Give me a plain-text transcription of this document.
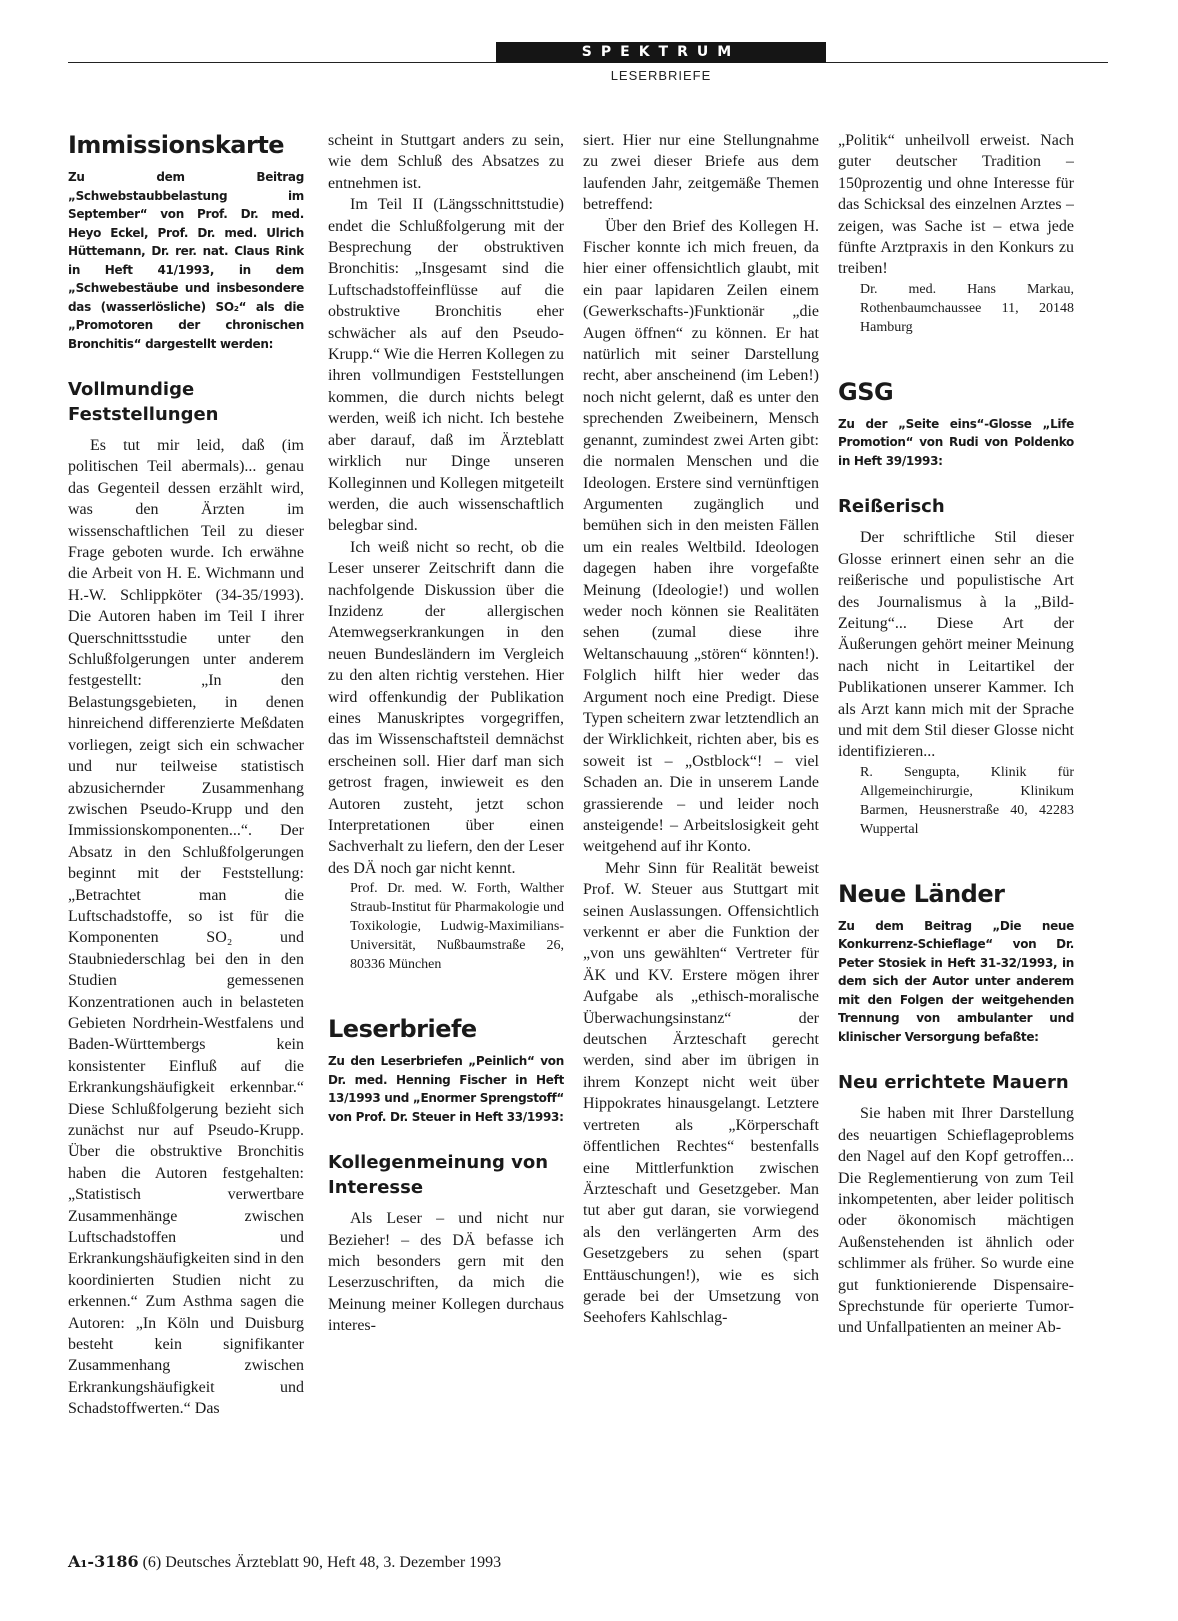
SPEKTRUM
LESERBRIEFE
Immissionskarte

Zu dem Beitrag „Schwebstaubbelastung im September“ von Prof. Dr. med. Heyo Eckel, Prof. Dr. med. Ulrich Hüttemann, Dr. rer. nat. Claus Rink in Heft 41/1993, in dem „Schwebestäube und insbesondere das (wasserlösliche) SO₂“ als die „Promotoren der chronischen Bronchitis“ dargestellt werden:

Vollmundige Feststellungen

Es tut mir leid, daß (im politischen Teil abermals)... genau das Gegenteil dessen erzählt wird, was den Ärzten im wissenschaftlichen Teil zu dieser Frage geboten wurde. Ich erwähne die Arbeit von H. E. Wichmann und H.-W. Schlippköter (34-35/1993). Die Autoren haben im Teil I ihrer Querschnittsstudie unter den Schlußfolgerungen unter anderem festgestellt: „In den Belastungsgebieten, in denen hinreichend differenzierte Meßdaten vorliegen, zeigt sich ein schwacher und nur teilweise statistisch abzusichernder Zusammenhang zwischen Pseudo-Krupp und den Immissionskomponenten...“. Der Absatz in den Schlußfolgerungen beginnt mit der Feststellung: „Betrachtet man die Luftschadstoffe, so ist für die Komponenten SO₂ und Staubniederschlag bei den in den Studien gemessenen Konzentrationen auch in belasteten Gebieten Nordrhein-Westfalens und Baden-Württembergs kein konsistenter Einfluß auf die Erkrankungshäufigkeit erkennbar.“ Diese Schlußfolgerung bezieht sich zunächst nur auf Pseudo-Krupp. Über die obstruktive Bronchitis haben die Autoren festgehalten: „Statistisch verwertbare Zusammenhänge zwischen Luftschadstoffen und Erkrankungshäufigkeiten sind in den koordinierten Studien nicht zu erkennen.“ Zum Asthma sagen die Autoren: „In Köln und Duisburg besteht kein signifikanter Zusammenhang zwischen Erkrankungshäufigkeit und Schadstoffwerten.“ Das

scheint in Stuttgart anders zu sein, wie dem Schluß des Absatzes zu entnehmen ist.

Im Teil II (Längsschnittstudie) endet die Schlußfolgerung mit der Besprechung der obstruktiven Bronchitis: „Insgesamt sind die Luftschadstoffeinflüsse auf die obstruktive Bronchitis eher schwächer als auf den Pseudo-Krupp.“ Wie die Herren Kollegen zu ihren vollmundigen Feststellungen kommen, die durch nichts belegt werden, weiß ich nicht. Ich bestehe aber darauf, daß im Ärzteblatt wirklich nur Dinge unseren Kolleginnen und Kollegen mitgeteilt werden, die auch wissenschaftlich belegbar sind.

Ich weiß nicht so recht, ob die Leser unserer Zeitschrift dann die nachfolgende Diskussion über die Inzidenz der allergischen Atemwegserkrankungen in den neuen Bundesländern im Vergleich zu den alten richtig verstehen. Hier wird offenkundig der Publikation eines Manuskriptes vorgegriffen, das im Wissenschaftsteil demnächst erscheinen soll. Hier darf man sich getrost fragen, inwieweit es den Autoren zusteht, jetzt schon Interpretationen über einen Sachverhalt zu liefern, den der Leser des DÄ noch gar nicht kennt.

Prof. Dr. med. W. Forth, Walther Straub-Institut für Pharmakologie und Toxikologie, Ludwig-Maximilians-Universität, Nußbaumstraße 26, 80336 München

Leserbriefe

Zu den Leserbriefen „Peinlich“ von Dr. med. Henning Fischer in Heft 13/1993 und „Enormer Sprengstoff“ von Prof. Dr. Steuer in Heft 33/1993:

Kollegenmeinung von Interesse

Als Leser – und nicht nur Bezieher! – des DÄ befasse ich mich besonders gern mit den Leserzuschriften, da mich die Meinung meiner Kollegen durchaus interes-

siert. Hier nur eine Stellungnahme zu zwei dieser Briefe aus dem laufenden Jahr, zeitgemäße Themen betreffend:

Über den Brief des Kollegen H. Fischer konnte ich mich freuen, da hier einer offensichtlich glaubt, mit ein paar lapidaren Zeilen einem (Gewerkschafts-)Funktionär „die Augen öffnen“ zu können. Er hat natürlich mit seiner Darstellung recht, aber anscheinend (im Leben!) noch nicht gelernt, daß es unter den sprechenden Zweibeinern, Mensch genannt, zumindest zwei Arten gibt: die normalen Menschen und die Ideologen. Erstere sind vernünftigen Argumenten zugänglich und bemühen sich in den meisten Fällen um ein reales Weltbild. Ideologen dagegen haben ihre vorgefaßte Meinung (Ideologie!) und wollen weder noch können sie Realitäten sehen (zumal diese ihre Weltanschauung „stören“ könnten!). Folglich hilft hier weder das Argument noch eine Predigt. Diese Typen scheitern zwar letztendlich an der Wirklichkeit, richten aber, bis es soweit ist – „Ostblock“! – viel Schaden an. Die in unserem Lande grassierende – und leider noch ansteigende! – Arbeitslosigkeit geht weitgehend auf ihr Konto.

Mehr Sinn für Realität beweist Prof. W. Steuer aus Stuttgart mit seinen Auslassungen. Offensichtlich verkennt er aber die Funktion der „von uns gewählten“ Vertreter für ÄK und KV. Erstere mögen ihrer Aufgabe als „ethisch-moralische Überwachungsinstanz“ der deutschen Ärzteschaft gerecht werden, sind aber im übrigen in ihrem Konzept nicht weit über Hippokrates hinausgelangt. Letztere vertreten als „Körperschaft öffentlichen Rechtes“ bestenfalls eine Mittlerfunktion zwischen Ärzteschaft und Gesetzgeber. Man tut aber gut daran, sie vorwiegend als den verlängerten Arm des Gesetzgebers zu sehen (spart Enttäuschungen!), wie es sich gerade bei der Umsetzung von Seehofers Kahlschlag-

„Politik“ unheilvoll erweist. Nach guter deutscher Tradition – 150prozentig und ohne Interesse für das Schicksal des einzelnen Arztes – zeigen, was Sache ist – etwa jede fünfte Arztpraxis in den Konkurs zu treiben!

Dr. med. Hans Markau, Rothenbaumchaussee 11, 20148 Hamburg

GSG

Zu der „Seite eins“-Glosse „Life Promotion“ von Rudi von Poldenko in Heft 39/1993:

Reißerisch

Der schriftliche Stil dieser Glosse erinnert einen sehr an die reißerische und populistische Art des Journalismus à la „Bild-Zeitung“... Diese Art der Äußerungen gehört meiner Meinung nach nicht in Leitartikel der Publikationen unserer Kammer. Ich als Arzt kann mich mit der Sprache und mit dem Stil dieser Glosse nicht identifizieren...

R. Sengupta, Klinik für Allgemeinchirurgie, Klinikum Barmen, Heusnerstraße 40, 42283 Wuppertal

Neue Länder

Zu dem Beitrag „Die neue Konkurrenz-Schieflage“ von Dr. Peter Stosiek in Heft 31-32/1993, in dem sich der Autor unter anderem mit den Folgen der weitgehenden Trennung von ambulanter und klinischer Versorgung befaßte:

Neu errichtete Mauern

Sie haben mit Ihrer Darstellung des neuartigen Schieflageproblems den Nagel auf den Kopf getroffen... Die Reglementierung von zum Teil inkompetenten, aber leider politisch oder ökonomisch mächtigen Außenstehenden ist ähnlich oder schlimmer als früher. So wurde eine gut funktionierende Dispensaire-Sprechstunde für operierte Tumor- und Unfallpatienten an meiner Ab-

A₁-3186 (6) Deutsches Ärzteblatt 90, Heft 48, 3. Dezember 1993
